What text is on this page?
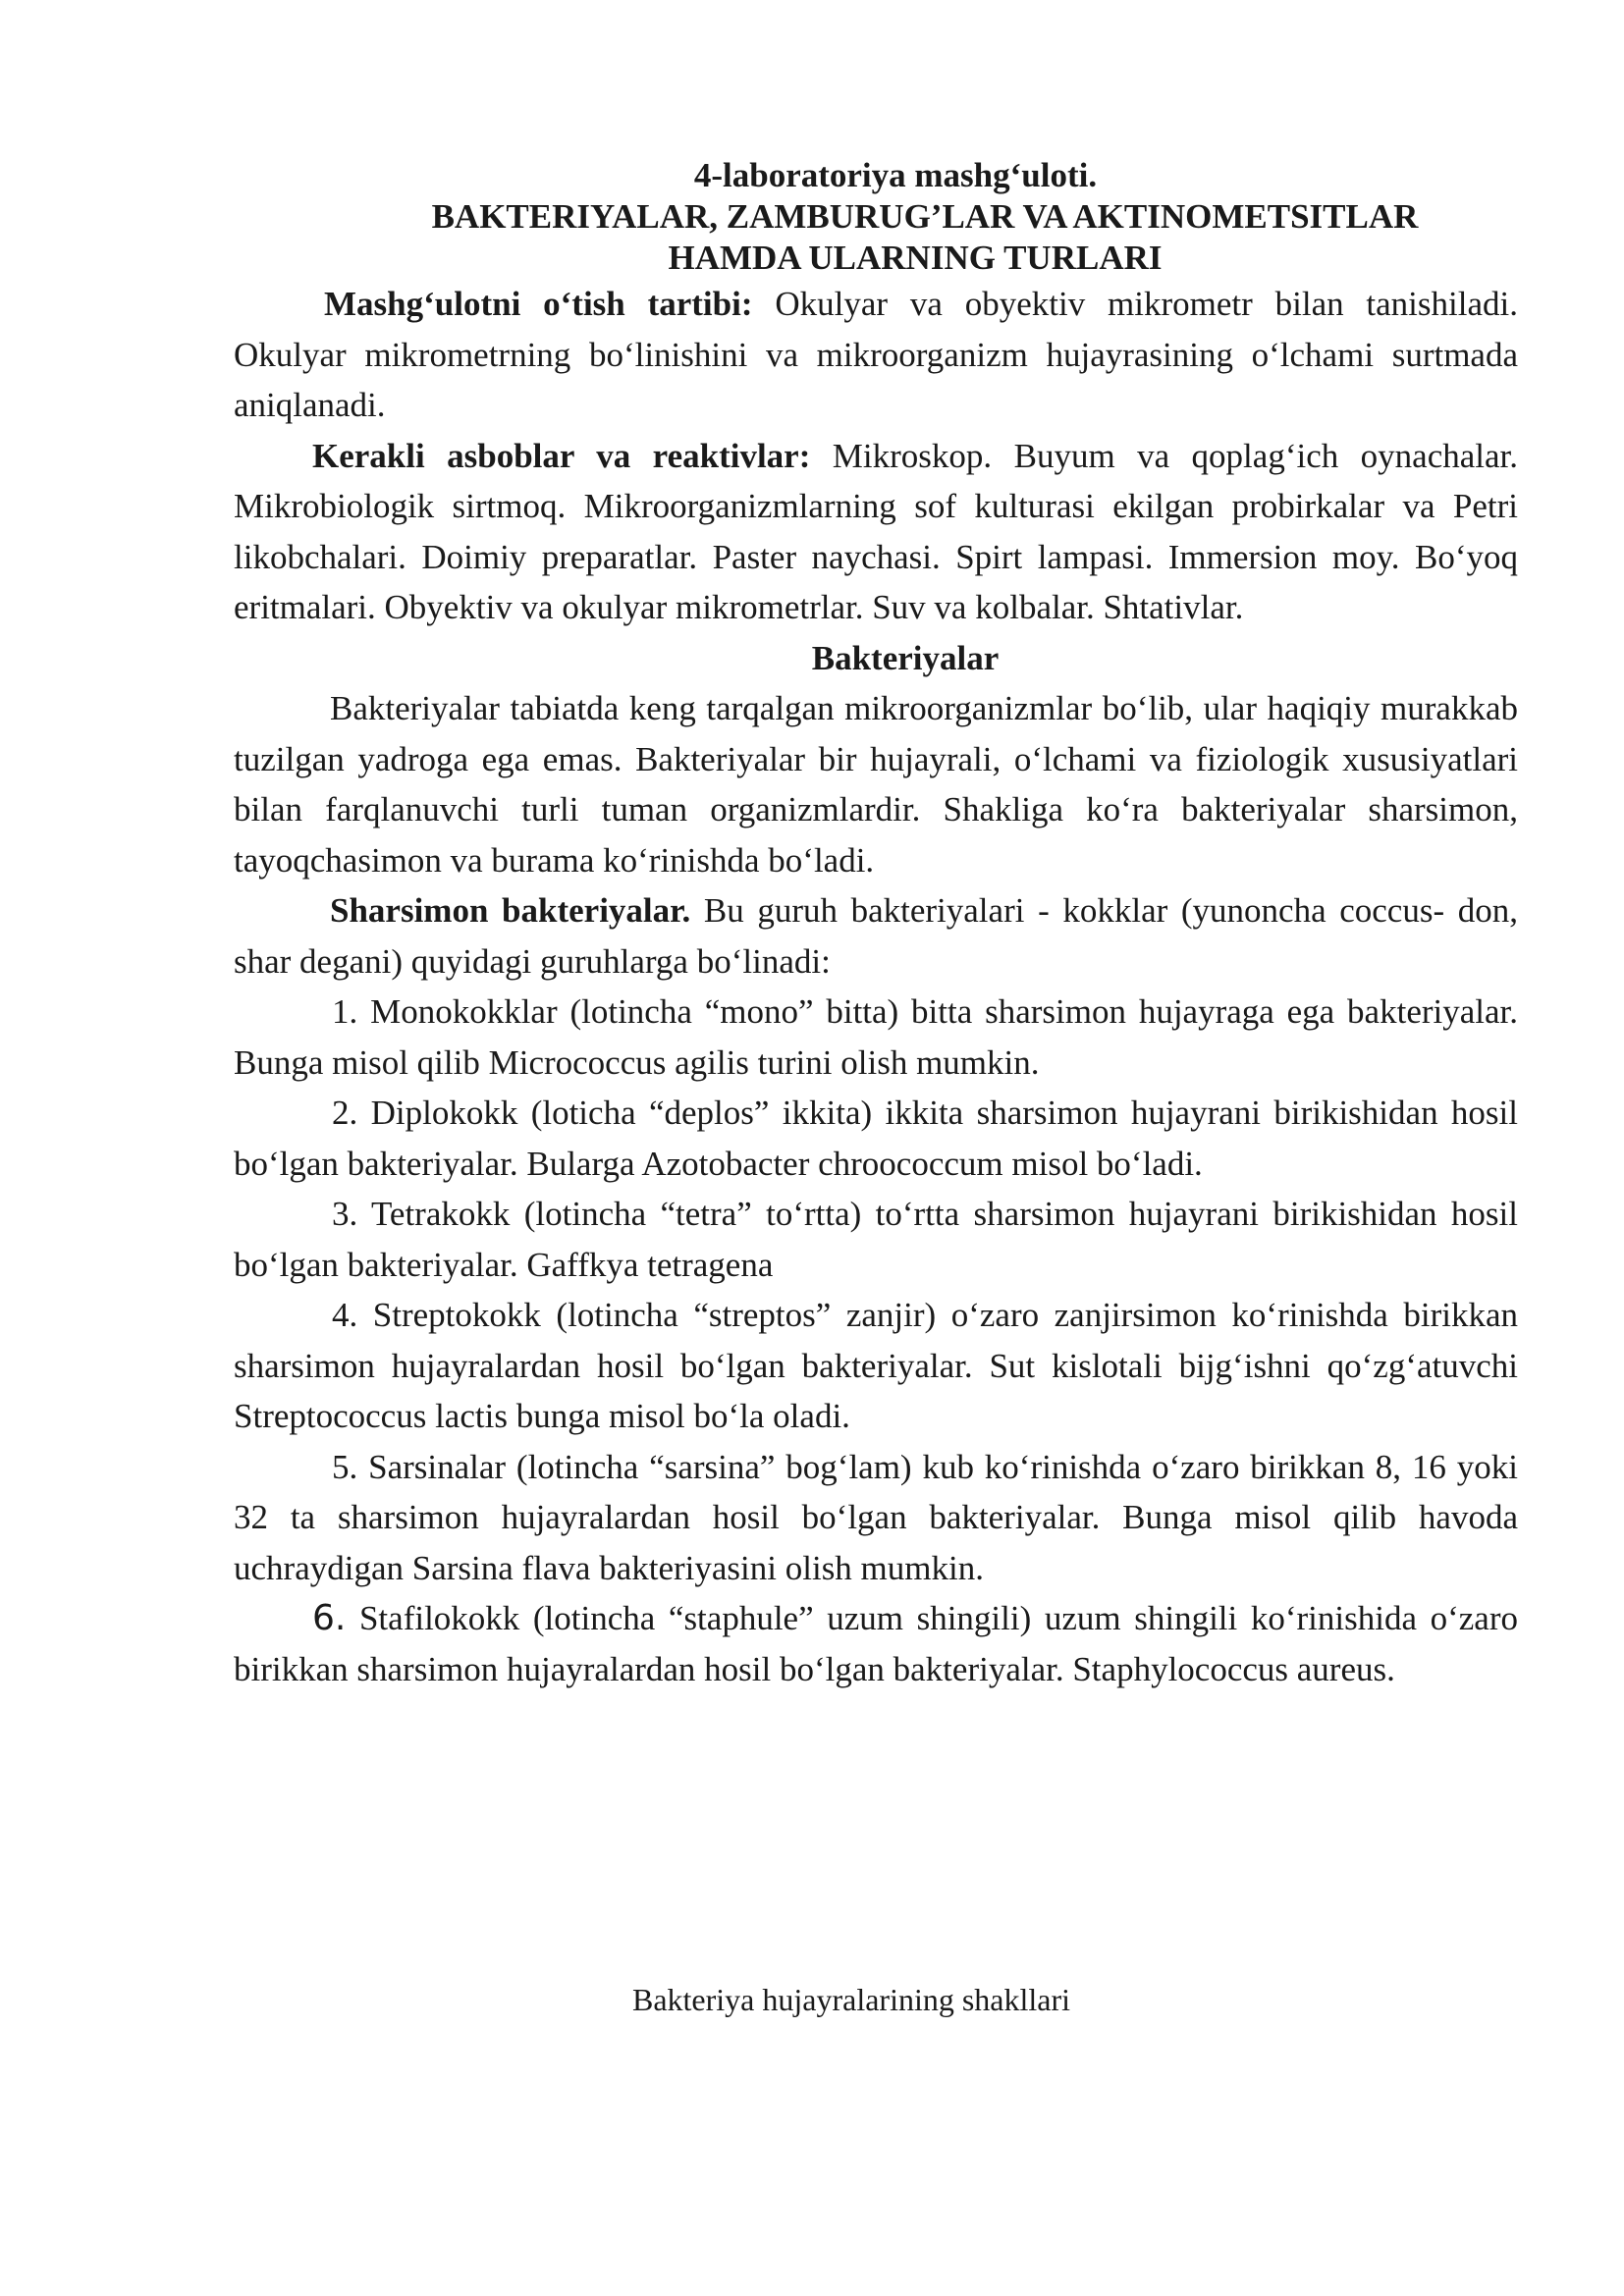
4-laboratoriya mashg‘uloti.

BAKTERIYALAR, ZAMBURUG’LAR VA AKTINOMETSITLAR

HAMDA ULARNING TURLARI

Mashg‘ulotni o‘tish tartibi: Okulyar va obyektiv mikrometr bilan tanishiladi. Okulyar mikrometrning bo‘linishini va mikroorganizm hujayrasining o‘lchami surtmada aniqlanadi.

Kerakli asboblar va reaktivlar: Mikroskop. Buyum va qoplag‘ich oynachalar. Mikrobiologik sirtmoq. Mikroorganizmlarning sof kulturasi ekilgan probirkalar va Petri likobchalari. Doimiy preparatlar. Paster naychasi. Spirt lampasi. Immersion moy. Bo‘yoq eritmalari. Obyektiv va okulyar mikrometrlar. Suv va kolbalar. Shtativlar.

Bakteriyalar

Bakteriyalar tabiatda keng tarqalgan mikroorganizmlar bo‘lib, ular haqiqiy murakkab tuzilgan yadroga ega emas. Bakteriyalar bir hujayrali, o‘lchami va fiziologik xususiyatlari bilan farqlanuvchi turli tuman organizmlardir. Shakliga ko‘ra bakteriyalar sharsimon, tayoqchasimon va burama ko‘rinishda bo‘ladi.

Sharsimon bakteriyalar. Bu guruh bakteriyalari - kokklar (yunoncha coccus- don, shar degani) quyidagi guruhlarga bo‘linadi:

1. Monokokklar (lotincha “mono” bitta) bitta sharsimon hujayraga ega bakteriyalar. Bunga misol qilib Micrococcus agilis turini olish mumkin.

2. Diplokokk (loticha “deplos” ikkita) ikkita sharsimon hujayrani birikishidan hosil bo‘lgan bakteriyalar. Bularga Azotobacter chroococcum misol bo‘ladi.

3. Tetrakokk (lotincha “tetra” to‘rtta) to‘rtta sharsimon hujayrani birikishidan hosil bo‘lgan bakteriyalar. Gaffkya tetragena

4. Streptokokk (lotincha “streptos” zanjir) o‘zaro zanjirsimon ko‘rinishda birikkan sharsimon hujayralardan hosil bo‘lgan bakteriyalar. Sut kislotali bijg‘ishni qo‘zg‘atuvchi Streptococcus lactis bunga misol bo‘la oladi.

5. Sarsinalar (lotincha “sarsina” bog‘lam) kub ko‘rinishda o‘zaro birikkan 8, 16 yoki 32 ta sharsimon hujayralardan hosil bo‘lgan bakteriyalar. Bunga misol qilib havoda uchraydigan Sarsina flava bakteriyasini olish mumkin.

6. Stafilokokk (lotincha “staphule” uzum shingili) uzum shingili ko‘rinishida o‘zaro birikkan sharsimon hujayralardan hosil bo‘lgan bakteriyalar. Staphylococcus aureus.

Bakteriya hujayralarining shakllari
